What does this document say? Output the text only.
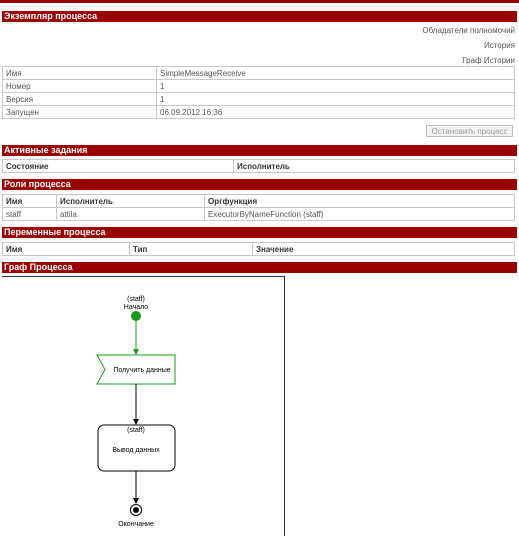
Экземпляр процесса
Обладатели полномочий
История
Граф Истории
Имя	SimpleMessageReceive
Номер	1
Версия	1
Запущен	06.09.2012 16:36
Остановить процесс
Активные задания
Состояние	Исполнитель
Роли процесса
Имя	Исполнитель	Оргфункция
staff	attila	ExecutorByNameFunction (staff)
Переменные процесса
Имя	Тип	Значение
Граф Процесса
(staff)
Начало
Получить данные
(staff)
Вывод данных
Окончание
